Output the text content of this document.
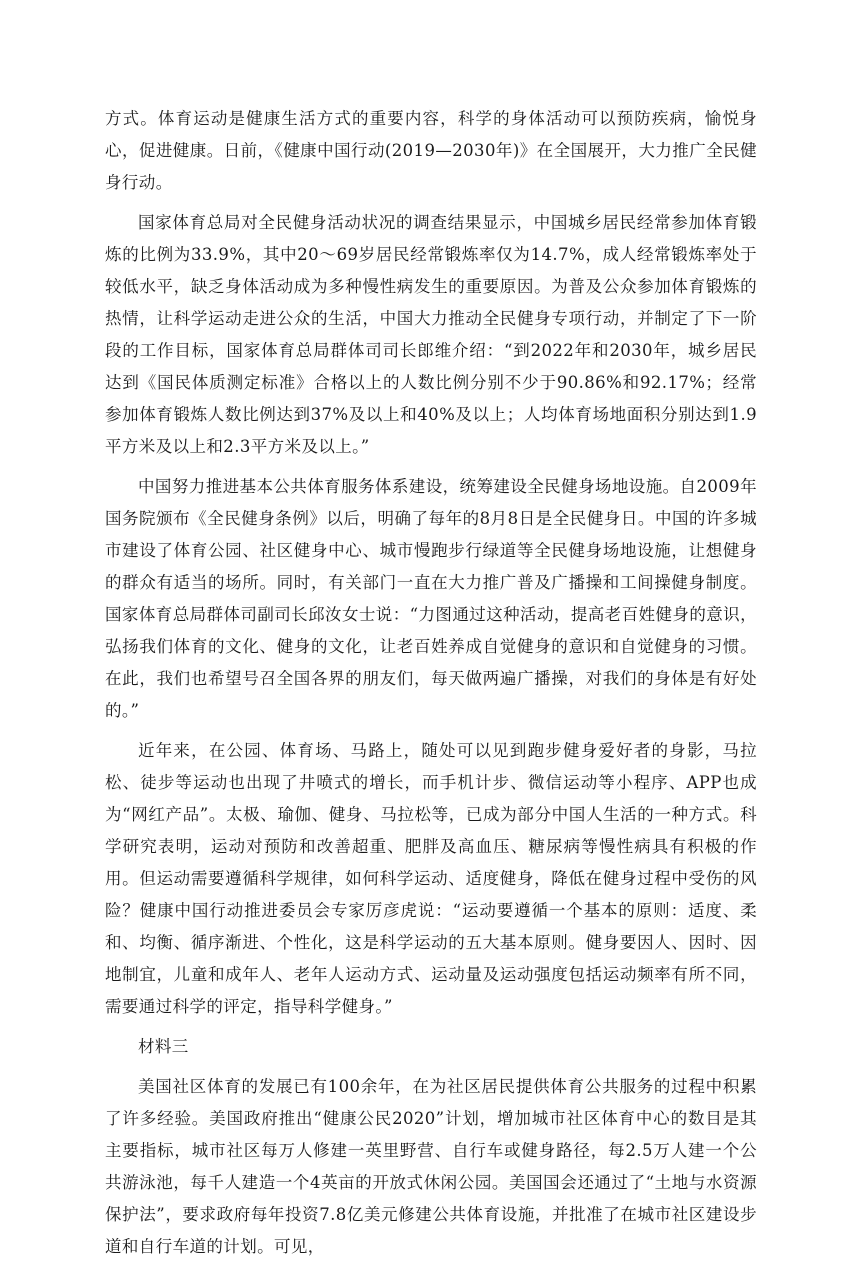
方式。体育运动是健康生活方式的重要内容，科学的身体活动可以预防疾病，愉悦身心，促进健康。日前，《健康中国行动(2019—2030年)》在全国展开，大力推广全民健身行动。

国家体育总局对全民健身活动状况的调查结果显示，中国城乡居民经常参加体育锻炼的比例为33.9%，其中20～69岁居民经常锻炼率仅为14.7%，成人经常锻炼率处于较低水平，缺乏身体活动成为多种慢性病发生的重要原因。为普及公众参加体育锻炼的热情，让科学运动走进公众的生活，中国大力推动全民健身专项行动，并制定了下一阶段的工作目标，国家体育总局群体司司长郎维介绍：“到2022年和2030年，城乡居民达到《国民体质测定标准》合格以上的人数比例分别不少于90.86%和92.17%；经常参加体育锻炼人数比例达到37%及以上和40%及以上；人均体育场地面积分别达到1.9平方米及以上和2.3平方米及以上。”

中国努力推进基本公共体育服务体系建设，统筹建设全民健身场地设施。自2009年国务院颁布《全民健身条例》以后，明确了每年的8月8日是全民健身日。中国的许多城市建设了体育公园、社区健身中心、城市慢跑步行绿道等全民健身场地设施，让想健身的群众有适当的场所。同时，有关部门一直在大力推广普及广播操和工间操健身制度。国家体育总局群体司副司长邱汝女士说：“力图通过这种活动，提高老百姓健身的意识，弘扬我们体育的文化、健身的文化，让老百姓养成自觉健身的意识和自觉健身的习惯。在此，我们也希望号召全国各界的朋友们，每天做两遍广播操，对我们的身体是有好处的。”

近年来，在公园、体育场、马路上，随处可以见到跑步健身爱好者的身影，马拉松、徒步等运动也出现了井喷式的增长，而手机计步、微信运动等小程序、APP也成为“网红产品”。太极、瑜伽、健身、马拉松等，已成为部分中国人生活的一种方式。科学研究表明，运动对预防和改善超重、肥胖及高血压、糖尿病等慢性病具有积极的作用。但运动需要遵循科学规律，如何科学运动、适度健身，降低在健身过程中受伤的风险？健康中国行动推进委员会专家厉彦虎说：“运动要遵循一个基本的原则：适度、柔和、均衡、循序渐进、个性化，这是科学运动的五大基本原则。健身要因人、因时、因地制宜，儿童和成年人、老年人运动方式、运动量及运动强度包括运动频率有所不同，需要通过科学的评定，指导科学健身。”

材料三

美国社区体育的发展已有100余年，在为社区居民提供体育公共服务的过程中积累了许多经验。美国政府推出“健康公民2020”计划，增加城市社区体育中心的数目是其主要指标，城市社区每万人修建一英里野营、自行车或健身路径，每2.5万人建一个公共游泳池，每千人建造一个4英亩的开放式休闲公园。美国国会还通过了“土地与水资源保护法”，要求政府每年投资7.8亿美元修建公共体育设施，并批准了在城市社区建设步道和自行车道的计划。可见，
